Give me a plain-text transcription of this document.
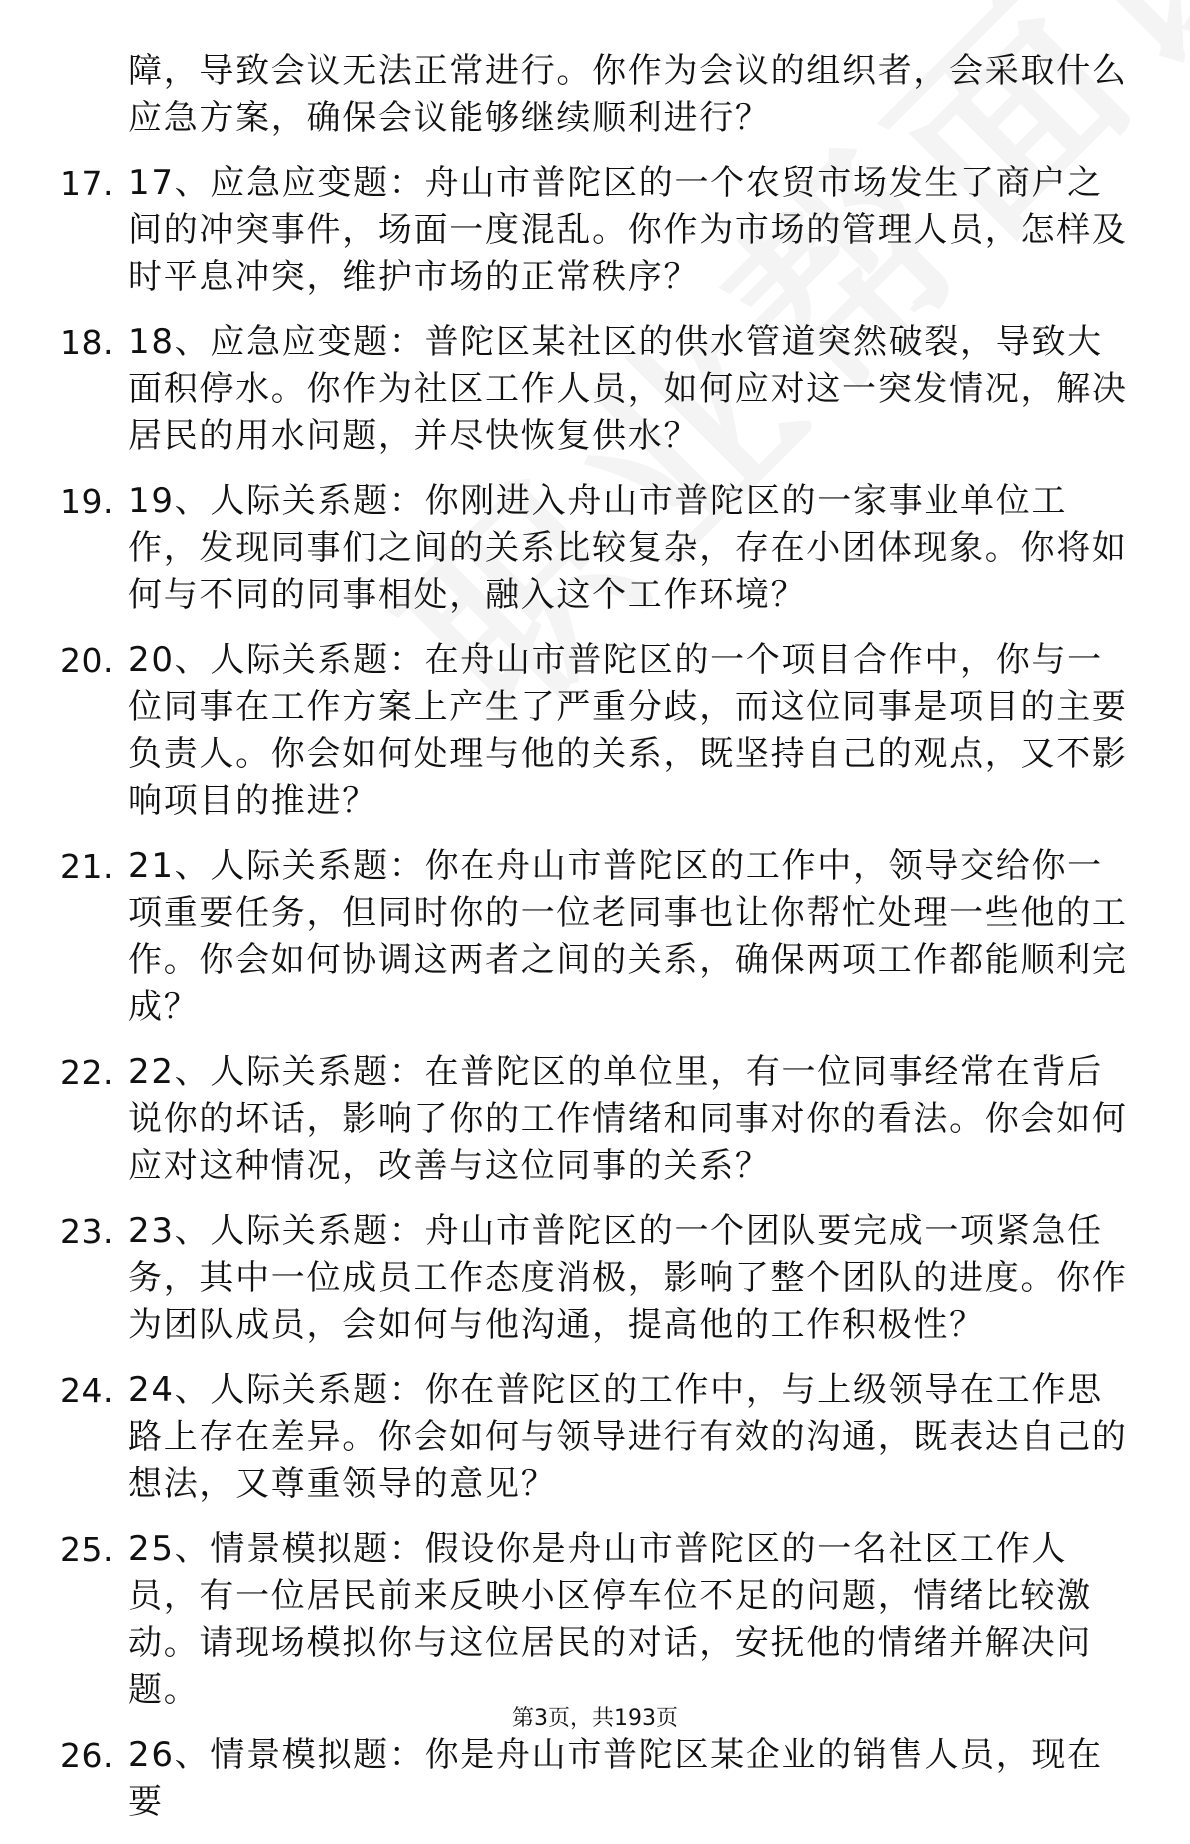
障，导致会议无法正常进行。你作为会议的组织者，会采取什么应急方案，确保会议能够继续顺利进行？
17. 17、应急应变题：舟山市普陀区的一个农贸市场发生了商户之间的冲突事件，场面一度混乱。你作为市场的管理人员，怎样及时平息冲突，维护市场的正常秩序？
18. 18、应急应变题：普陀区某社区的供水管道突然破裂，导致大面积停水。你作为社区工作人员，如何应对这一突发情况，解决居民的用水问题，并尽快恢复供水？
19. 19、人际关系题：你刚进入舟山市普陀区的一家事业单位工作，发现同事们之间的关系比较复杂，存在小团体现象。你将如何与不同的同事相处，融入这个工作环境？
20. 20、人际关系题：在舟山市普陀区的一个项目合作中，你与一位同事在工作方案上产生了严重分歧，而这位同事是项目的主要负责人。你会如何处理与他的关系，既坚持自己的观点，又不影响项目的推进？
21. 21、人际关系题：你在舟山市普陀区的工作中，领导交给你一项重要任务，但同时你的一位老同事也让你帮忙处理一些他的工作。你会如何协调这两者之间的关系，确保两项工作都能顺利完成？
22. 22、人际关系题：在普陀区的单位里，有一位同事经常在背后说你的坏话，影响了你的工作情绪和同事对你的看法。你会如何应对这种情况，改善与这位同事的关系？
23. 23、人际关系题：舟山市普陀区的一个团队要完成一项紧急任务，其中一位成员工作态度消极，影响了整个团队的进度。你作为团队成员，会如何与他沟通，提高他的工作积极性？
24. 24、人际关系题：你在普陀区的工作中，与上级领导在工作思路上存在差异。你会如何与领导进行有效的沟通，既表达自己的想法，又尊重领导的意见？
25. 25、情景模拟题：假设你是舟山市普陀区的一名社区工作人员，有一位居民前来反映小区停车位不足的问题，情绪比较激动。请现场模拟你与这位居民的对话，安抚他的情绪并解决问题。
26. 26、情景模拟题：你是舟山市普陀区某企业的销售人员，现在要
第3页，共193页
